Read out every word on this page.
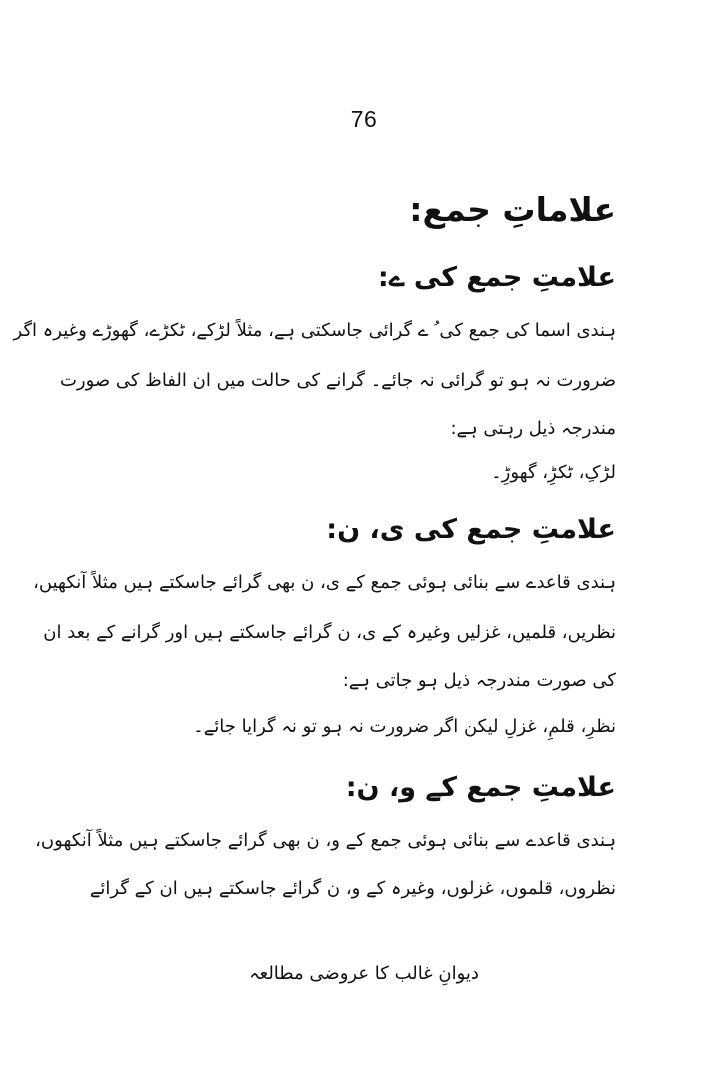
76
علاماتِ جمع:
علامتِ جمع کی ے:
ہندی اسما کی جمع کی ُ ے گرائی جاسکتی ہے، مثلاً لڑکے، ٹکڑے، گھوڑے وغیرہ اگر
ضرورت نہ ہو تو گرائی نہ جائے۔ گرانے کی حالت میں ان الفاظ کی صورت
مندرجہ ذیل رہتی ہے:
لڑکِ، ٹکڑِ، گھوڑِ۔
علامتِ جمع کی ی، ن:
ہندی قاعدے سے بنائی ہوئی جمع کے ی، ن بھی گرائے جاسکتے ہیں مثلاً آنکھیں،
نظریں، قلمیں، غزلیں وغیرہ کے ی، ن گرائے جاسکتے ہیں اور گرانے کے بعد ان
کی صورت مندرجہ ذیل ہو جاتی ہے:
نظرِ، قلمِ، غزلِ لیکن اگر ضرورت نہ ہو تو نہ گرایا جائے۔
علامتِ جمع کے و، ن:
ہندی قاعدے سے بنائی ہوئی جمع کے و، ن بھی گرائے جاسکتے ہیں مثلاً آنکھوں،
نظروں، قلموں، غزلوں، وغیرہ کے و، ن گرائے جاسکتے ہیں ان کے گرائے
دیوانِ غالب کا عروضی مطالعہ
